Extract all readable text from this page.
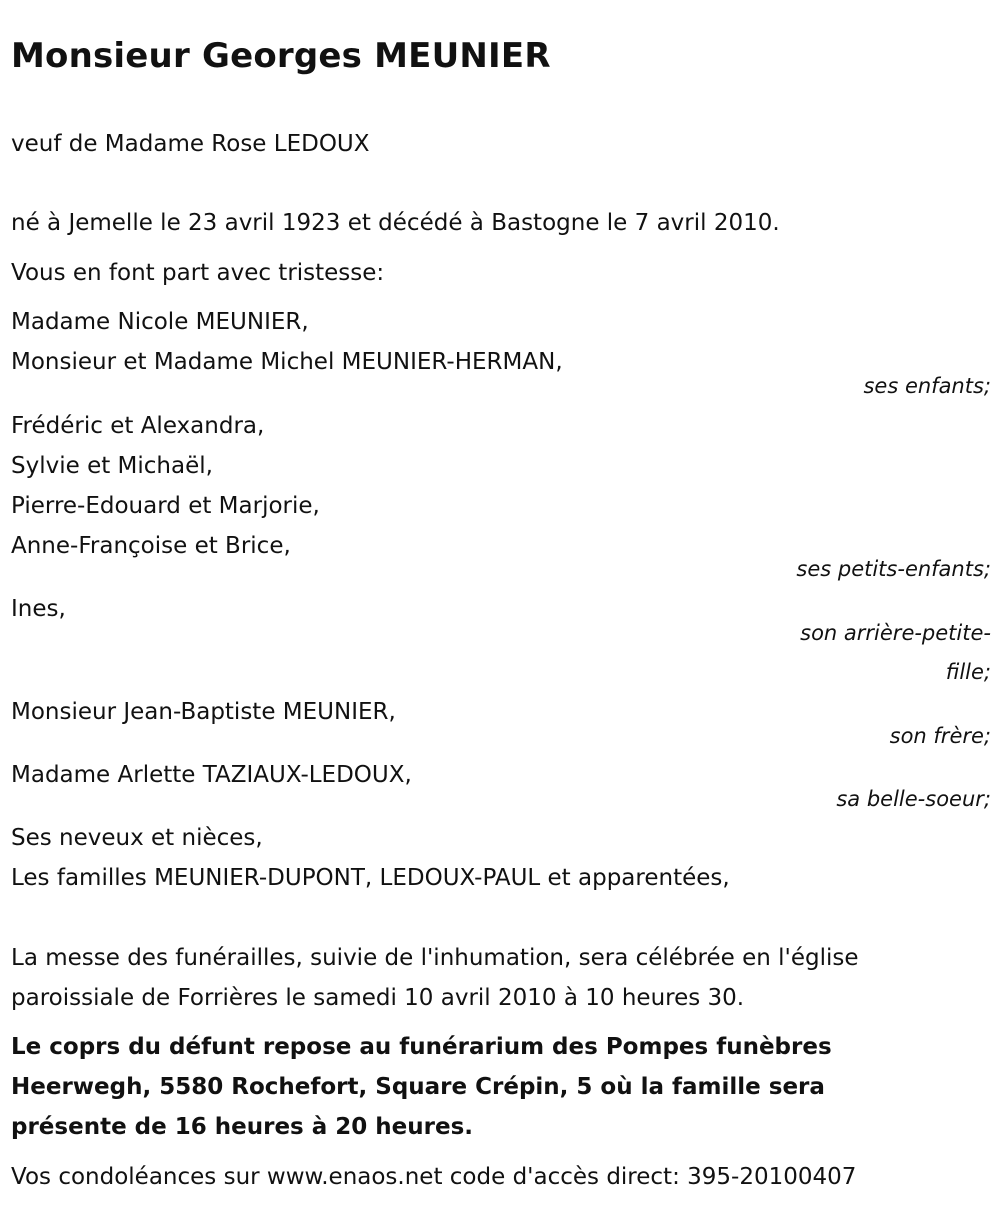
Monsieur Georges MEUNIER

veuf de Madame Rose LEDOUX

né à Jemelle le 23 avril 1923 et décédé à Bastogne le 7 avril 2010.

Vous en font part avec tristesse:

Madame Nicole MEUNIER,

Monsieur et Madame Michel MEUNIER-HERMAN,

ses enfants;

Frédéric et Alexandra,

Sylvie et Michaël,

Pierre-Edouard et Marjorie,

Anne-Françoise et Brice,

ses petits-enfants;

Ines,

son arrière-petite-

fille;

Monsieur Jean-Baptiste MEUNIER,

son frère;

Madame Arlette TAZIAUX-LEDOUX,

sa belle-soeur;

Ses neveux et nièces,

Les familles MEUNIER-DUPONT, LEDOUX-PAUL et apparentées,

La messe des funérailles, suivie de l'inhumation, sera célébrée en l'église

paroissiale de Forrières le samedi 10 avril 2010 à 10 heures 30.

Le coprs du défunt repose au funérarium des Pompes funèbres

Heerwegh, 5580 Rochefort, Square Crépin, 5 où la famille sera

présente de 16 heures à 20 heures.

Vos condoléances sur www.enaos.net code d'accès direct: 395-20100407
